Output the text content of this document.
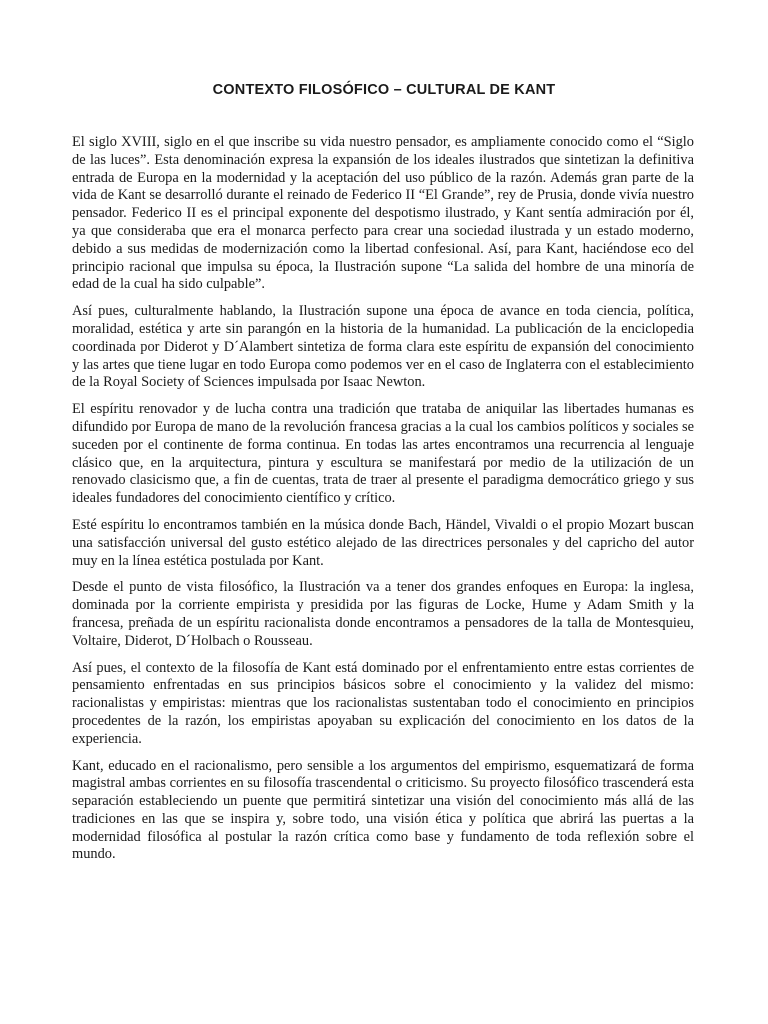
CONTEXTO FILOSÓFICO – CULTURAL DE KANT

El siglo XVIII, siglo en el que inscribe su vida nuestro pensador, es ampliamente conocido como el “Siglo de las luces”. Esta denominación expresa la expansión de los ideales ilustrados que sintetizan la definitiva entrada de Europa en la modernidad y la aceptación del uso público de la razón. Además gran parte de la vida de Kant se desarrolló durante el reinado de Federico II “El Grande”, rey de Prusia, donde vivía nuestro pensador. Federico II es el principal exponente del despotismo ilustrado, y Kant sentía admiración por él, ya que consideraba que era el monarca perfecto para crear una sociedad ilustrada y un estado moderno, debido a sus medidas de modernización como la libertad confesional. Así, para Kant, haciéndose eco del principio racional que impulsa su época, la Ilustración supone “La salida del hombre de una minoría de edad de la cual ha sido culpable”.

Así pues, culturalmente hablando, la Ilustración supone una época de avance en toda ciencia, política, moralidad, estética y arte sin parangón en la historia de la humanidad. La publicación de la enciclopedia coordinada por Diderot y D´Alambert sintetiza de forma clara este espíritu de expansión del conocimiento y las artes que tiene lugar en todo Europa como podemos ver en el caso de Inglaterra con el establecimiento de la Royal Society of Sciences impulsada por Isaac Newton.

El espíritu renovador y de lucha contra una tradición que trataba de aniquilar las libertades humanas es difundido por Europa de mano de la revolución francesa gracias a la cual los cambios políticos y sociales se suceden por el continente de forma continua. En todas las artes encontramos una recurrencia al lenguaje clásico que, en la arquitectura, pintura y escultura se manifestará por medio de la utilización de un renovado clasicismo que, a fin de cuentas, trata de traer al presente el paradigma democrático griego y sus ideales fundadores del conocimiento científico y crítico.

Esté espíritu lo encontramos también en la música donde Bach, Händel, Vivaldi o el propio Mozart buscan una satisfacción universal del gusto estético alejado de las directrices personales y del capricho del autor muy en la línea estética postulada por Kant.

Desde el punto de vista filosófico, la Ilustración va a tener dos grandes enfoques en Europa: la inglesa, dominada por la corriente empirista y presidida por las figuras de Locke, Hume y Adam Smith y la francesa, preñada de un espíritu racionalista donde encontramos a pensadores de la talla de Montesquieu, Voltaire, Diderot, D´Holbach o Rousseau.

Así pues, el contexto de la filosofía de Kant está dominado por el enfrentamiento entre estas corrientes de pensamiento enfrentadas en sus principios básicos sobre el conocimiento y la validez del mismo: racionalistas y empiristas: mientras que los racionalistas sustentaban todo el conocimiento en principios procedentes de la razón, los empiristas apoyaban su explicación del conocimiento en los datos de la experiencia.

Kant, educado en el racionalismo, pero sensible a los argumentos del empirismo, esquematizará de forma magistral ambas corrientes en su filosofía trascendental o criticismo. Su proyecto filosófico trascenderá esta separación estableciendo un puente que permitirá sintetizar una visión del conocimiento más allá de las tradiciones en las que se inspira y, sobre todo, una visión ética y política que abrirá las puertas a la modernidad filosófica al postular la razón crítica como base y fundamento de toda reflexión sobre el mundo.
